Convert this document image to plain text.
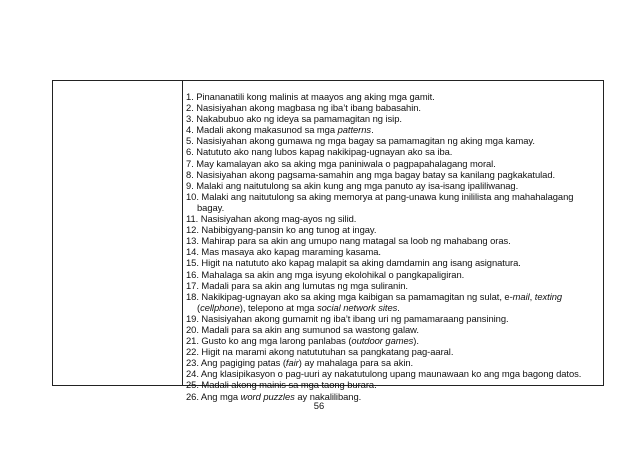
1. Pinananatili kong malinis at maayos ang aking mga gamit.
2. Nasisiyahan akong magbasa ng iba’t ibang babasahin.
3. Nakabubuo ako ng ideya sa pamamagitan ng isip.
4. Madali akong makasunod sa mga patterns.
5. Nasisiyahan akong gumawa ng mga bagay sa pamamagitan ng aking mga kamay.
6. Natututo ako nang lubos kapag nakikipag-ugnayan ako sa iba.
7. May kamalayan ako sa aking mga paniniwala o pagpapahalagang moral.
8. Nasisiyahan akong pagsama-samahin ang mga bagay batay sa kanilang pagkakatulad.
9. Malaki ang naitutulong sa akin kung ang mga panuto ay isa-isang ipaliliwanag.
10. Malaki ang naitutulong sa aking memorya at pang-unawa kung inililista ang mahahalagang
bagay.
11. Nasisiyahan akong mag-ayos ng silid.
12. Nabibigyang-pansin ko ang tunog at ingay.
13. Mahirap para sa akin ang umupo nang matagal sa loob ng mahabang oras.
14. Mas masaya ako kapag maraming kasama.
15. Higit na natututo ako kapag malapit sa aking damdamin ang isang asignatura.
16. Mahalaga sa akin ang mga isyung ekolohikal o pangkapaligiran.
17. Madali para sa akin ang lumutas ng mga suliranin.
18. Nakikipag-ugnayan ako sa aking mga kaibigan sa pamamagitan ng sulat, e-mail, texting
(cellphone), telepono at mga social network sites.
19. Nasisiyahan akong gumamit ng iba’t ibang uri ng pamamaraang pansining.
20. Madali para sa akin ang sumunod sa wastong galaw.
21. Gusto ko ang mga larong panlabas (outdoor games).
22. Higit na marami akong natututuhan sa pangkatang pag-aaral.
23. Ang pagiging patas (fair) ay mahalaga para sa akin.
24. Ang klasipikasyon o pag-uuri ay nakatutulong upang maunawaan ko ang mga bagong datos.
25. Madali akong mainis sa mga taong burara.
26. Ang mga word puzzles ay nakalilibang.
56
